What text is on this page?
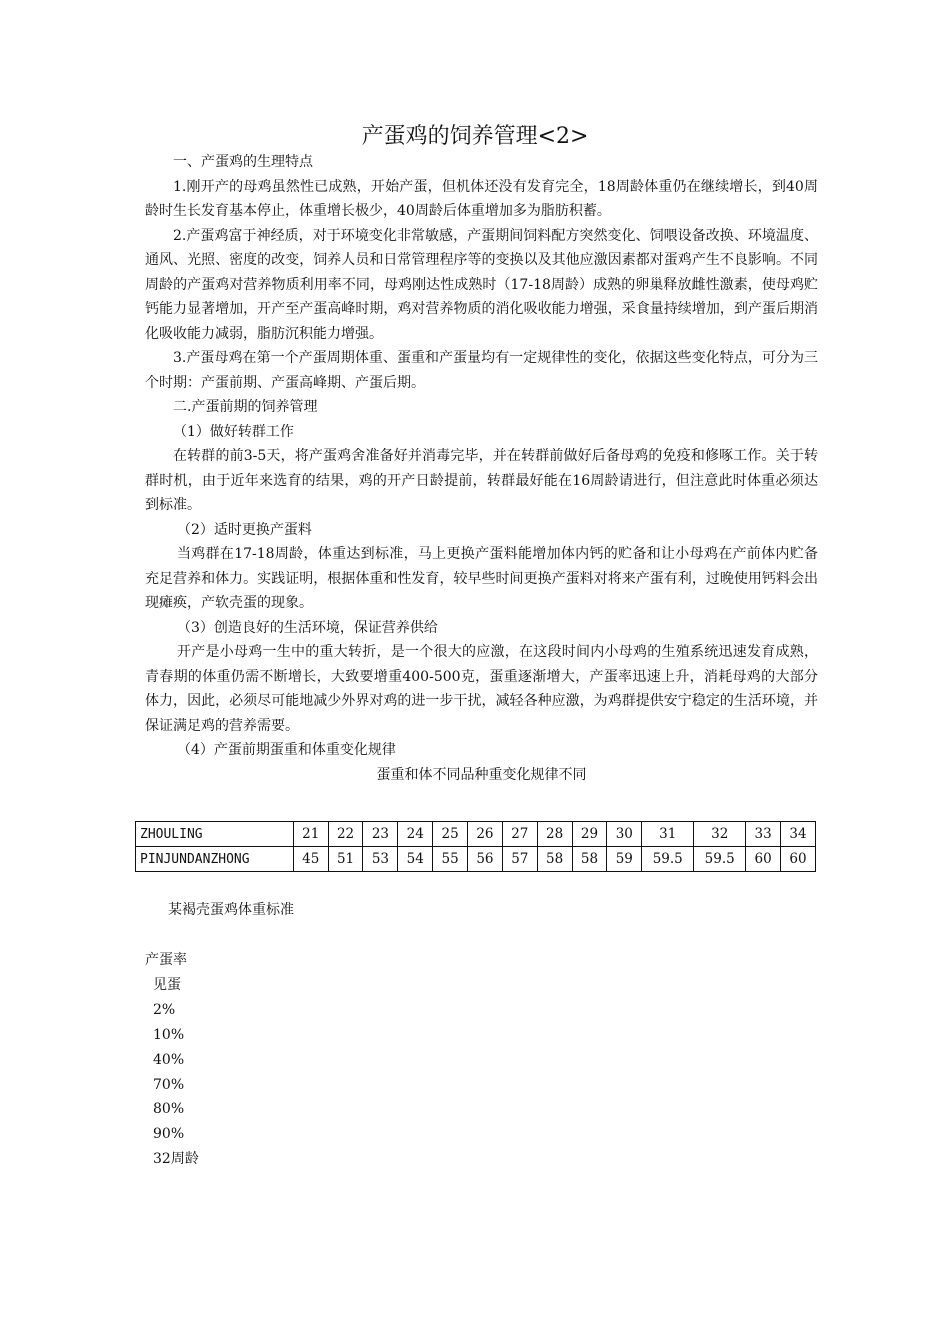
产蛋鸡的饲养管理<2>

一、产蛋鸡的生理特点

1.刚开产的母鸡虽然性已成熟，开始产蛋，但机体还没有发育完全，18周龄体重仍在继续增长，到40周龄时生长发育基本停止，体重增长极少，40周龄后体重增加多为脂肪积蓄。

2.产蛋鸡富于神经质，对于环境变化非常敏感，产蛋期间饲料配方突然变化、饲喂设备改换、环境温度、通风、光照、密度的改变，饲养人员和日常管理程序等的变换以及其他应激因素都对蛋鸡产生不良影响。不同周龄的产蛋鸡对营养物质利用率不同，母鸡刚达性成熟时（17-18周龄）成熟的卵巢释放雌性激素，使母鸡贮钙能力显著增加，开产至产蛋高峰时期，鸡对营养物质的消化吸收能力增强，采食量持续增加，到产蛋后期消化吸收能力减弱，脂肪沉积能力增强。

3.产蛋母鸡在第一个产蛋周期体重、蛋重和产蛋量均有一定规律性的变化，依据这些变化特点，可分为三个时期：产蛋前期、产蛋高峰期、产蛋后期。

二.产蛋前期的饲养管理

（1）做好转群工作

在转群的前3-5天，将产蛋鸡舍准备好并消毒完毕，并在转群前做好后备母鸡的免疫和修啄工作。关于转群时机，由于近年来选育的结果，鸡的开产日龄提前，转群最好能在16周龄请进行，但注意此时体重必须达到标准。

（2）适时更换产蛋料

当鸡群在17-18周龄，体重达到标准，马上更换产蛋料能增加体内钙的贮备和让小母鸡在产前体内贮备充足营养和体力。实践证明，根据体重和性发育，较早些时间更换产蛋料对将来产蛋有利，过晚使用钙料会出现瘫痪，产软壳蛋的现象。

（3）创造良好的生活环境，保证营养供给

开产是小母鸡一生中的重大转折，是一个很大的应激，在这段时间内小母鸡的生殖系统迅速发育成熟，青春期的体重仍需不断增长，大致要增重400-500克，蛋重逐渐增大，产蛋率迅速上升，消耗母鸡的大部分体力，因此，必须尽可能地减少外界对鸡的进一步干扰，减轻各种应激，为鸡群提供安宁稳定的生活环境，并保证满足鸡的营养需要。

（4）产蛋前期蛋重和体重变化规律

蛋重和体不同品种重变化规律不同

ZHOULING	21	22	23	24	25	26	27	28	29	30	31	32	33	34
PINJUNDANZHONG	45	51	53	54	55	56	57	58	58	59	59.5	59.5	60	60
某褐壳蛋鸡体重标准
产蛋率
见蛋
2%
10%
40%
70%
80%
90%
32周龄
